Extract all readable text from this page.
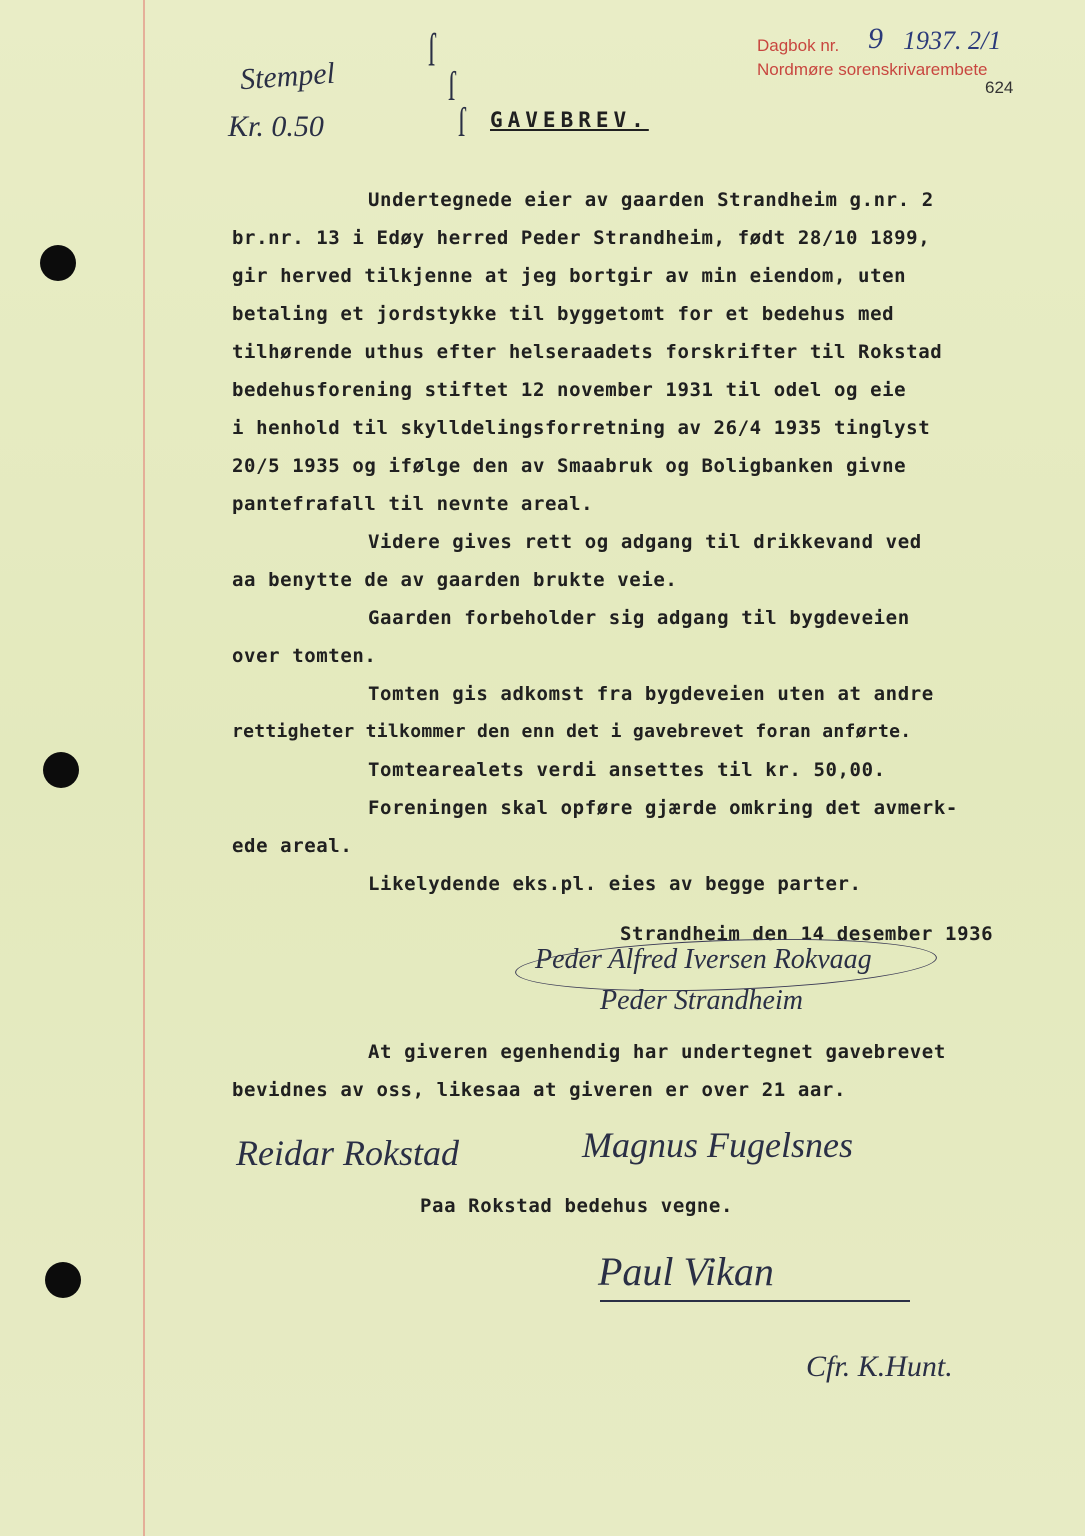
Dagbok nr. 9 1937. 2/1
Nordmøre sorenskrivarembete
624
Stempel
Kr. 0.50
ſ
ſ
ſ GAVEBREV.
Undertegnede eier av gaarden Strandheim g.nr. 2
br.nr. 13 i Edøy herred Peder Strandheim, født 28/10 1899,
gir herved tilkjenne at jeg bortgir av min eiendom, uten
betaling et jordstykke til byggetomt for et bedehus med
tilhørende uthus efter helseraadets forskrifter til Rokstad
bedehusforening stiftet 12 november 1931 til odel og eie
i henhold til skylldelingsforretning av 26/4 1935 tinglyst
20/5 1935 og ifølge den av Smaabruk og Boligbanken givne
pantefrafall til nevnte areal.
Videre gives rett og adgang til drikkevand ved
aa benytte de av gaarden brukte veie.
Gaarden forbeholder sig adgang til bygdeveien
over tomten.
Tomten gis adkomst fra bygdeveien uten at andre
rettigheter tilkommer den enn det i gavebrevet foran anførte.
Tomtearealets verdi ansettes til kr. 50,00.
Foreningen skal opføre gjærde omkring det avmerk-
ede areal.
Likelydende eks.pl. eies av begge parter.
Strandheim den 14 desember 1936
Peder Alfred Iversen Rokvaag
Peder Strandheim
At giveren egenhendig har undertegnet gavebrevet
bevidnes av oss, likesaa at giveren er over 21 aar.
Reidar Rokstad	Magnus Fugelsnes
Paa Rokstad bedehus vegne.
Paul Vikan
Cfr. K.Hunt.
